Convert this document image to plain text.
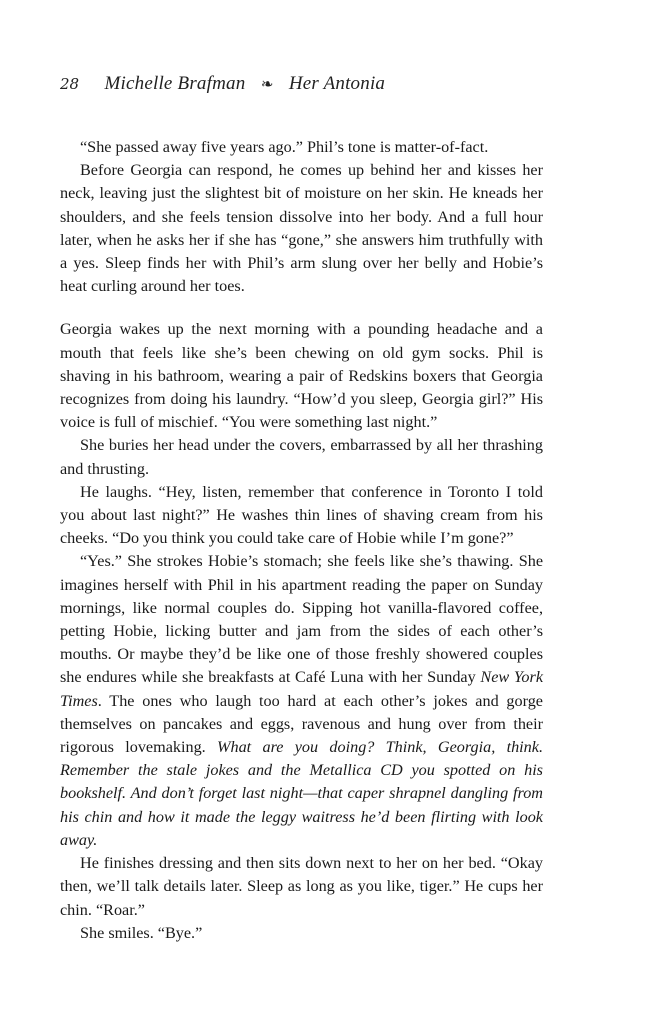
28 Michelle Brafman ❧ Her Antonia

“She passed away five years ago.” Phil’s tone is matter-of-fact.

Before Georgia can respond, he comes up behind her and kisses her neck, leaving just the slightest bit of moisture on her skin. He kneads her shoulders, and she feels tension dissolve into her body. And a full hour later, when he asks her if she has “gone,” she answers him truthfully with a yes. Sleep finds her with Phil’s arm slung over her belly and Hobie’s heat curling around her toes.

Georgia wakes up the next morning with a pounding headache and a mouth that feels like she’s been chewing on old gym socks. Phil is shaving in his bathroom, wearing a pair of Redskins boxers that Georgia recognizes from doing his laundry. “How’d you sleep, Georgia girl?” His voice is full of mischief. “You were something last night.”

She buries her head under the covers, embarrassed by all her thrashing and thrusting.

He laughs. “Hey, listen, remember that conference in Toronto I told you about last night?” He washes thin lines of shaving cream from his cheeks. “Do you think you could take care of Hobie while I’m gone?”

“Yes.” She strokes Hobie’s stomach; she feels like she’s thawing. She imagines herself with Phil in his apartment reading the paper on Sunday mornings, like normal couples do. Sipping hot vanilla-flavored coffee, petting Hobie, licking butter and jam from the sides of each other’s mouths. Or maybe they’d be like one of those freshly showered couples she endures while she breakfasts at Café Luna with her Sunday New York Times. The ones who laugh too hard at each other’s jokes and gorge themselves on pancakes and eggs, ravenous and hung over from their rigorous lovemaking. What are you doing? Think, Georgia, think. Remember the stale jokes and the Metallica CD you spotted on his bookshelf. And don’t forget last night—that caper shrapnel dangling from his chin and how it made the leggy waitress he’d been flirting with look away.

He finishes dressing and then sits down next to her on her bed. “Okay then, we’ll talk details later. Sleep as long as you like, tiger.” He cups her chin. “Roar.”

She smiles. “Bye.”
